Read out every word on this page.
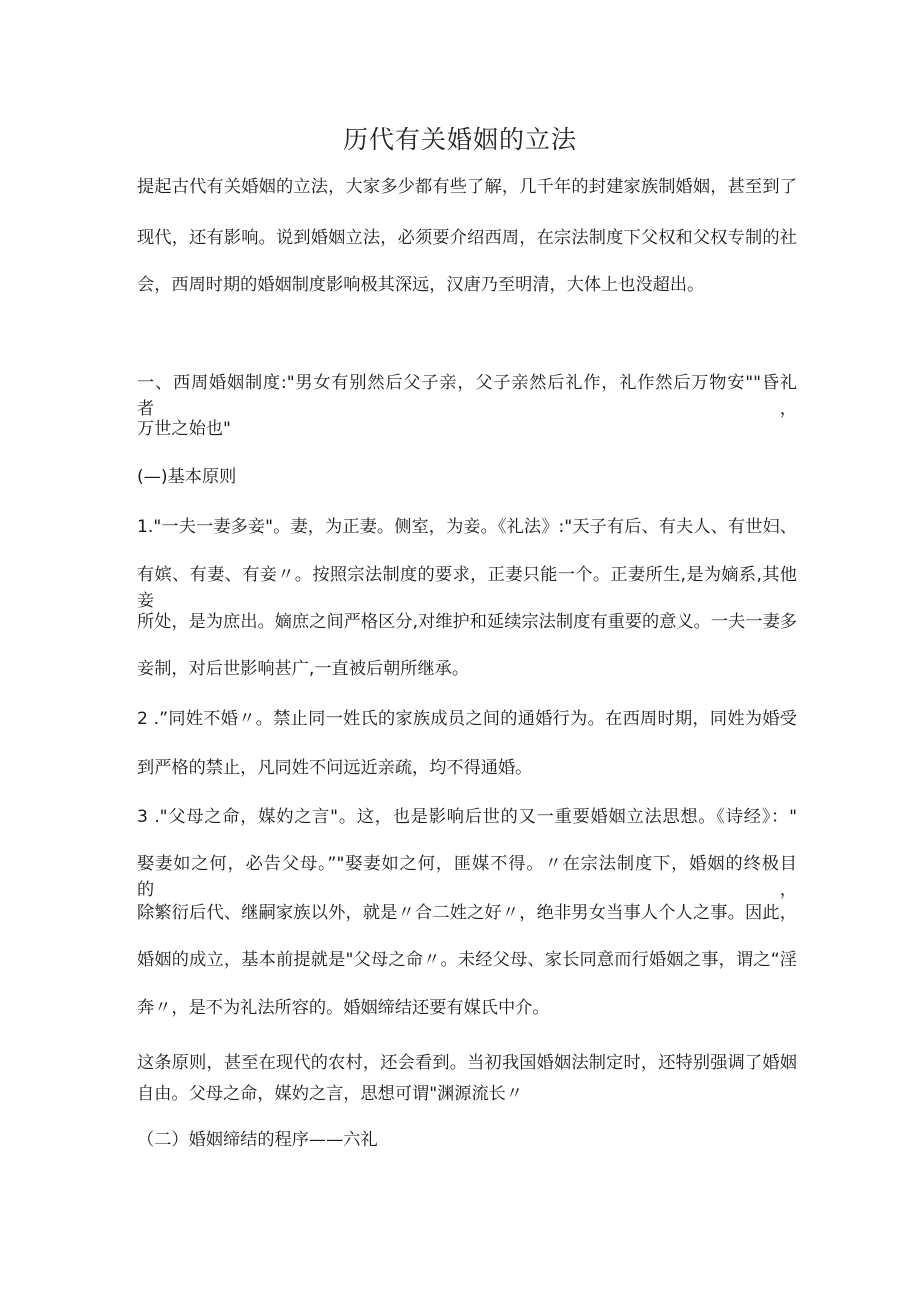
历代有关婚姻的立法
提起古代有关婚姻的立法，大家多少都有些了解，几千年的封建家族制婚姻，甚至到了
现代，还有影响。说到婚姻立法，必须要介绍西周，在宗法制度下父权和父权专制的社
会，西周时期的婚姻制度影响极其深远，汉唐乃至明清，大体上也没超出。
一、西周婚姻制度:"男女有别然后父子亲，父子亲然后礼作，礼作然后万物安""昏礼者，
万世之始也"
(—)基本原则
1."一夫一妻多妾"。妻，为正妻。侧室，为妾。《礼法》:"天子有后、有夫人、有世妇、
有嫔、有妻、有妾〃。按照宗法制度的要求，正妻只能一个。正妻所生,是为嫡系,其他妾
所处，是为庶出。嫡庶之间严格区分,对维护和延续宗法制度有重要的意义。一夫一妻多
妾制，对后世影响甚广,一直被后朝所继承。
2 .”同姓不婚〃。禁止同一姓氏的家族成员之间的通婚行为。在西周时期，同姓为婚受
到严格的禁止，凡同姓不问远近亲疏，均不得通婚。
3 ."父母之命，媒妁之言"。这，也是影响后世的又一重要婚姻立法思想。《诗经》："
娶妻如之何，必告父母。”"娶妻如之何，匪媒不得。〃在宗法制度下，婚姻的终极目的，
除繁衍后代、继嗣家族以外，就是〃合二姓之好〃，绝非男女当事人个人之事。因此，
婚姻的成立，基本前提就是"父母之命〃。未经父母、家长同意而行婚姻之事，谓之“淫
奔〃，是不为礼法所容的。婚姻缔结还要有媒氏中介。
这条原则，甚至在现代的农村，还会看到。当初我国婚姻法制定时，还特别强调了婚姻
自由。父母之命，媒妁之言，思想可谓"渊源流长〃
（二）婚姻缔结的程序——六礼
